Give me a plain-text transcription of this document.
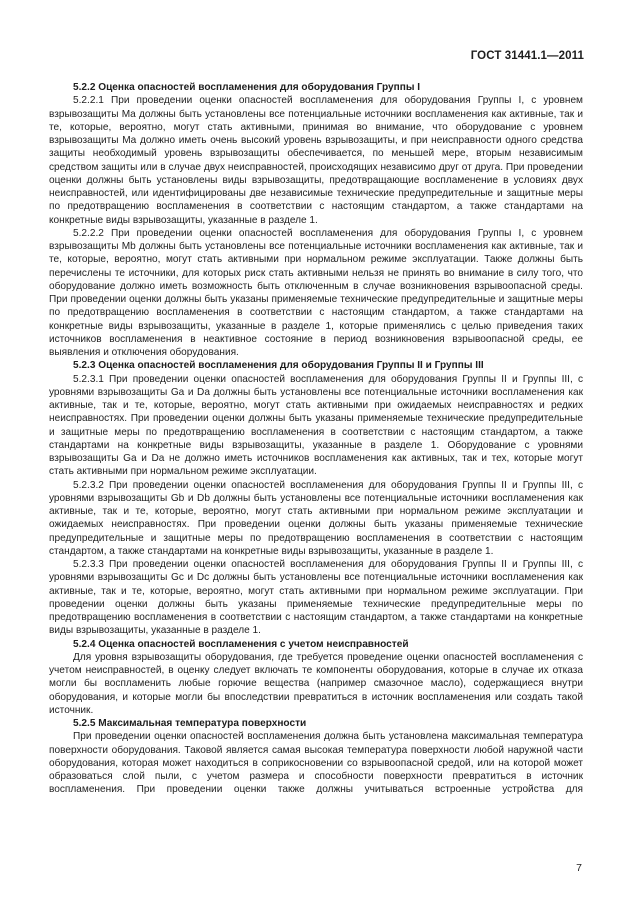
ГОСТ 31441.1—2011

5.2.2 Оценка опасностей воспламенения для оборудования Группы I

5.2.2.1 При проведении оценки опасностей воспламенения для оборудования Группы I, с уровнем взрывозащиты Ma должны быть установлены все потенциальные источники воспламенения как активные, так и те, которые, вероятно, могут стать активными, принимая во внимание, что оборудование с уровнем взрывозащиты Ma должно иметь очень высокий уровень взрывозащиты, и при неисправности одного средства защиты необходимый уровень взрывозащиты обеспечивается, по меньшей мере, вторым независимым средством защиты или в случае двух неисправностей, происходящих независимо друг от друга. При проведении оценки должны быть установлены виды взрывозащиты, предотвращающие воспламенение в условиях двух неисправностей, или идентифицированы две независимые технические предупредительные и защитные меры по предотвращению воспламенения в соответствии с настоящим стандартом, а также стандартами на конкретные виды взрывозащиты, указанные в разделе 1.

5.2.2.2 При проведении оценки опасностей воспламенения для оборудования Группы I, с уровнем взрывозащиты Mb должны быть установлены все потенциальные источники воспламенения как активные, так и те, которые, вероятно, могут стать активными при нормальном режиме эксплуатации. Также должны быть перечислены те источники, для которых риск стать активными нельзя не принять во внимание в силу того, что оборудование должно иметь возможность быть отключенным в случае возникновения взрывоопасной среды. При проведении оценки должны быть указаны применяемые технические предупредительные и защитные меры по предотвращению воспламенения в соответствии с настоящим стандартом, а также стандартами на конкретные виды взрывозащиты, указанные в разделе 1, которые применялись с целью приведения таких источников воспламенения в неактивное состояние в период возникновения взрывоопасной среды, ее выявления и отключения оборудования.

5.2.3 Оценка опасностей воспламенения для оборудования Группы II и Группы III

5.2.3.1 При проведении оценки опасностей воспламенения для оборудования Группы II и Группы III, с уровнями взрывозащиты Ga и Da должны быть установлены все потенциальные источники воспламенения как активные, так и те, которые, вероятно, могут стать активными при ожидаемых неисправностях и редких неисправностях. При проведении оценки должны быть указаны применяемые технические предупредительные и защитные меры по предотвращению воспламенения в соответствии с настоящим стандартом, а также стандартами на конкретные виды взрывозащиты, указанные в разделе 1. Оборудование с уровнями взрывозащиты Ga и Da не должно иметь источников воспламенения как активных, так и тех, которые могут стать активными при нормальном режиме эксплуатации.

5.2.3.2 При проведении оценки опасностей воспламенения для оборудования Группы II и Группы III, с уровнями взрывозащиты Gb и Db должны быть установлены все потенциальные источники воспламенения как активные, так и те, которые, вероятно, могут стать активными при нормальном режиме эксплуатации и ожидаемых неисправностях. При проведении оценки должны быть указаны применяемые технические предупредительные и защитные меры по предотвращению воспламенения в соответствии с настоящим стандартом, а также стандартами на конкретные виды взрывозащиты, указанные в разделе 1.

5.2.3.3 При проведении оценки опасностей воспламенения для оборудования Группы II и Группы III, с уровнями взрывозащиты Gc и Dc должны быть установлены все потенциальные источники воспламенения как активные, так и те, которые, вероятно, могут стать активными при нормальном режиме эксплуатации. При проведении оценки должны быть указаны применяемые технические предупредительные меры по предотвращению воспламенения в соответствии с настоящим стандартом, а также стандартами на конкретные виды взрывозащиты, указанные в разделе 1.

5.2.4 Оценка опасностей воспламенения с учетом неисправностей

Для уровня взрывозащиты оборудования, где требуется проведение оценки опасностей воспламенения с учетом неисправностей, в оценку следует включать те компоненты оборудования, которые в случае их отказа могли бы воспламенить любые горючие вещества (например смазочное масло), содержащиеся внутри оборудования, и которые могли бы впоследствии превратиться в источник воспламенения или создать такой источник.

5.2.5 Максимальная температура поверхности

При проведении оценки опасностей воспламенения должна быть установлена максимальная температура поверхности оборудования. Таковой является самая высокая температура поверхности любой наружной части оборудования, которая может находиться в соприкосновении со взрывоопасной средой, или на которой может образоваться слой пыли, с учетом размера и способности поверхности превратиться в источник воспламенения. При проведении оценки также должны учитываться встроенные устройства для

7
